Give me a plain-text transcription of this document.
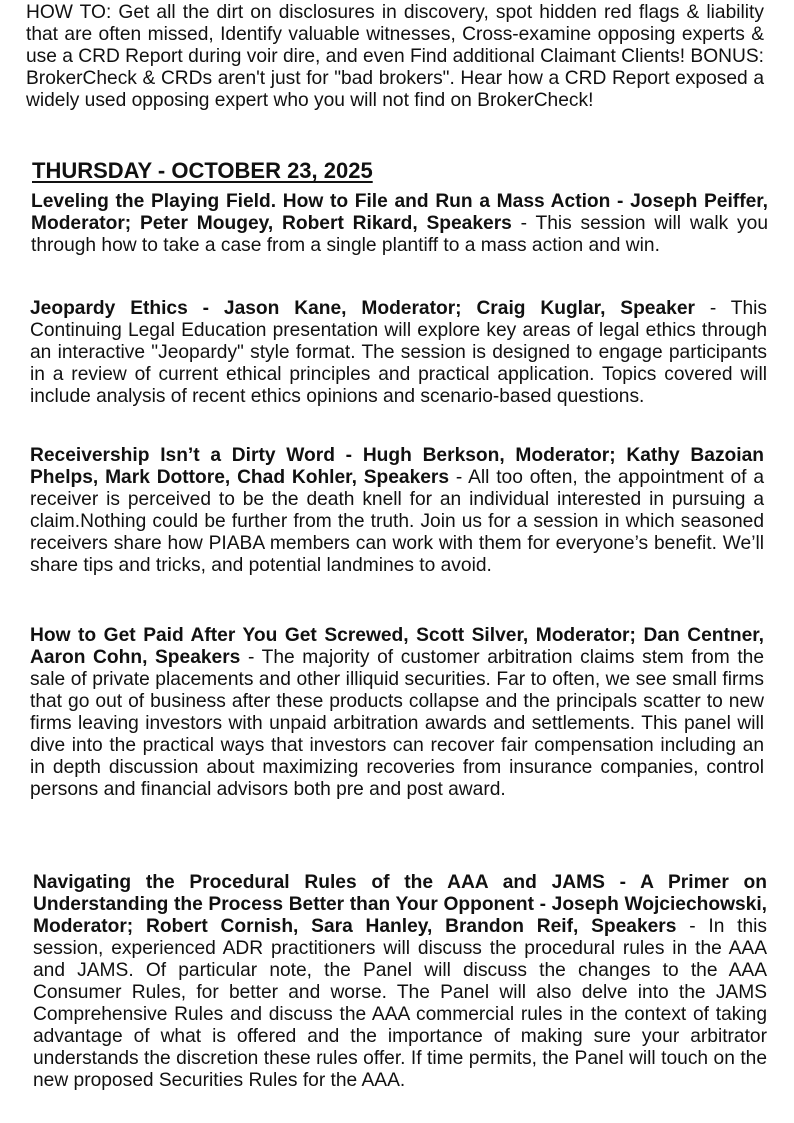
HOW TO: Get all the dirt on disclosures in discovery, spot hidden red flags & liability that are often missed, Identify valuable witnesses, Cross-examine opposing experts & use a CRD Report during voir dire, and even Find additional Claimant Clients! BONUS: BrokerCheck & CRDs aren't just for "bad brokers". Hear how a CRD Report exposed a widely used opposing expert who you will not find on BrokerCheck!

THURSDAY - OCTOBER 23, 2025
Leveling the Playing Field. How to File and Run a Mass Action - Joseph Peiffer, Moderator; Peter Mougey, Robert Rikard, Speakers - This session will walk you through how to take a case from a single plantiff to a mass action and win.
Jeopardy Ethics - Jason Kane, Moderator; Craig Kuglar, Speaker - This Continuing Legal Education presentation will explore key areas of legal ethics through an interactive "Jeopardy" style format. The session is designed to engage participants in a review of current ethical principles and practical application. Topics covered will include analysis of recent ethics opinions and scenario-based questions.
Receivership Isn’t a Dirty Word - Hugh Berkson, Moderator; Kathy Bazoian Phelps, Mark Dottore, Chad Kohler, Speakers - All too often, the appointment of a receiver is perceived to be the death knell for an individual interested in pursuing a claim.Nothing could be further from the truth. Join us for a session in which seasoned receivers share how PIABA members can work with them for everyone’s benefit. We’ll share tips and tricks, and potential landmines to avoid.
How to Get Paid After You Get Screwed, Scott Silver, Moderator; Dan Centner, Aaron Cohn, Speakers - The majority of customer arbitration claims stem from the sale of private placements and other illiquid securities. Far to often, we see small firms that go out of business after these products collapse and the principals scatter to new firms leaving investors with unpaid arbitration awards and settlements. This panel will dive into the practical ways that investors can recover fair compensation including an in depth discussion about maximizing recoveries from insurance companies, control persons and financial advisors both pre and post award.
Navigating the Procedural Rules of the AAA and JAMS - A Primer on Understanding the Process Better than Your Opponent - Joseph Wojciechowski, Moderator; Robert Cornish, Sara Hanley, Brandon Reif, Speakers - In this session, experienced ADR practitioners will discuss the procedural rules in the AAA and JAMS. Of particular note, the Panel will discuss the changes to the AAA Consumer Rules, for better and worse. The Panel will also delve into the JAMS Comprehensive Rules and discuss the AAA commercial rules in the context of taking advantage of what is offered and the importance of making sure your arbitrator understands the discretion these rules offer. If time permits, the Panel will touch on the new proposed Securities Rules for the AAA.
